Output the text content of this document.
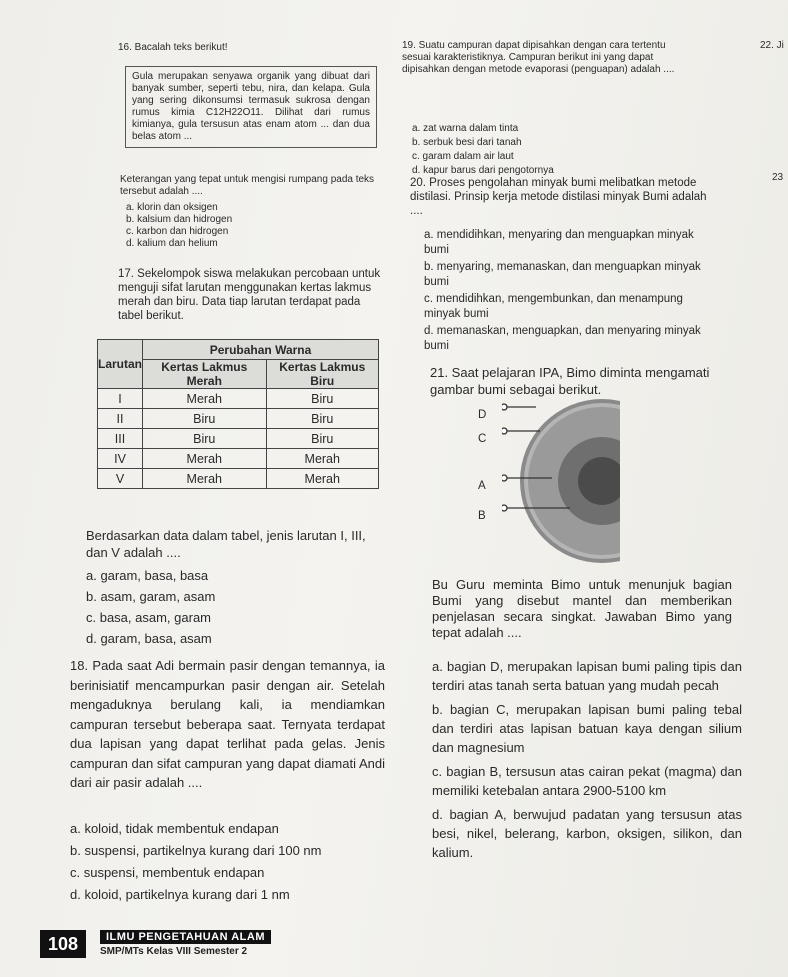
16. Bacalah teks berikut!
Gula merupakan senyawa organik yang dibuat dari banyak sumber, seperti tebu, nira, dan kelapa. Gula yang sering dikonsumsi termasuk sukrosa dengan rumus kimia C12H22O11. Dilihat dari rumus kimianya, gula tersusun atas enam atom ... dan dua belas atom ...
Keterangan yang tepat untuk mengisi rumpang pada teks tersebut adalah ....
a. klorin dan oksigen
b. kalsium dan hidrogen
c. karbon dan hidrogen
d. kalium dan helium
17. Sekelompok siswa melakukan percobaan untuk menguji sifat larutan menggunakan kertas lakmus merah dan biru. Data tiap larutan terdapat pada tabel berikut.
Larutan	Perubahan Warna	
	Kertas Lakmus Merah	Kertas Lakmus Biru
I	Merah	Biru
II	Biru	Biru
III	Biru	Biru
IV	Merah	Merah
V	Merah	Merah
Berdasarkan data dalam tabel, jenis larutan I, III, dan V adalah ....
a. garam, basa, basa
b. asam, garam, asam
c. basa, asam, garam
d. garam, basa, asam
18. Pada saat Adi bermain pasir dengan temannya, ia berinisiatif mencampurkan pasir dengan air. Setelah mengaduknya berulang kali, ia mendiamkan campuran tersebut beberapa saat. Ternyata terdapat dua lapisan yang dapat terlihat pada gelas. Jenis campuran dan sifat campuran yang dapat diamati Andi dari air pasir adalah ....
a. koloid, tidak membentuk endapan
b. suspensi, partikelnya kurang dari 100 nm
c. suspensi, membentuk endapan
d. koloid, partikelnya kurang dari 1 nm
19. Suatu campuran dapat dipisahkan dengan cara tertentu sesuai karakteristiknya. Campuran berikut ini yang dapat dipisahkan dengan metode evaporasi (penguapan) adalah ....
a. zat warna dalam tinta
b. serbuk besi dari tanah
c. garam dalam air laut
d. kapur barus dari pengotornya
20. Proses pengolahan minyak bumi melibatkan metode distilasi. Prinsip kerja metode distilasi minyak Bumi adalah ....
a. mendidihkan, menyaring dan menguapkan minyak bumi
b. menyaring, memanaskan, dan menguapkan minyak bumi
c. mendidihkan, mengembunkan, dan menampung minyak bumi
d. memanaskan, menguapkan, dan menyaring minyak bumi
21. Saat pelajaran IPA, Bimo diminta mengamati gambar bumi sebagai berikut.
D
C
A
B
Bu Guru meminta Bimo untuk menunjuk bagian Bumi yang disebut mantel dan memberikan penjelasan secara singkat. Jawaban Bimo yang tepat adalah ....
a. bagian D, merupakan lapisan bumi paling tipis dan terdiri atas tanah serta batuan yang mudah pecah
b. bagian C, merupakan lapisan bumi paling tebal dan terdiri atas lapisan batuan kaya dengan silium dan magnesium
c. bagian B, tersusun atas cairan pekat (magma) dan memiliki ketebalan antara 2900-5100 km
d. bagian A, berwujud padatan yang tersusun atas besi, nikel, belerang, karbon, oksigen, silikon, dan kalium.
22. Ji
23
108	ILMU PENGETAHUAN ALAM
SMP/MTs Kelas VIII Semester 2
